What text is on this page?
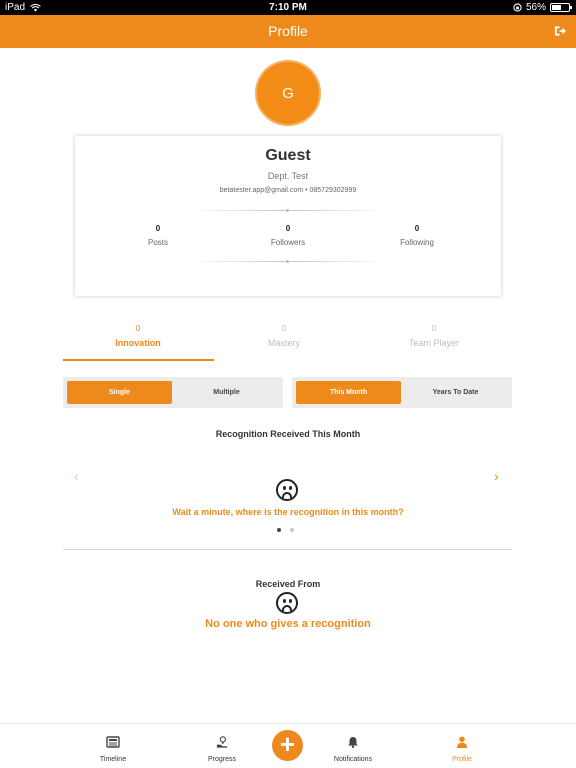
iPad	7:10 PM	56%
Profile
G
Guest
Dept. Test
betatester.app@gmail.com • 085729302999
0
Posts
0
Followers
0
Following
0
Innovation
0
Mastery
0
Team Player
Single	Multiple	This Month	Years To Date
Recognition Received This Month
‹	›
Wait a minute, where is the recognition in this month?
Received From
No one who gives a recognition
Timeline	Progress	Notifications	Profile
+
